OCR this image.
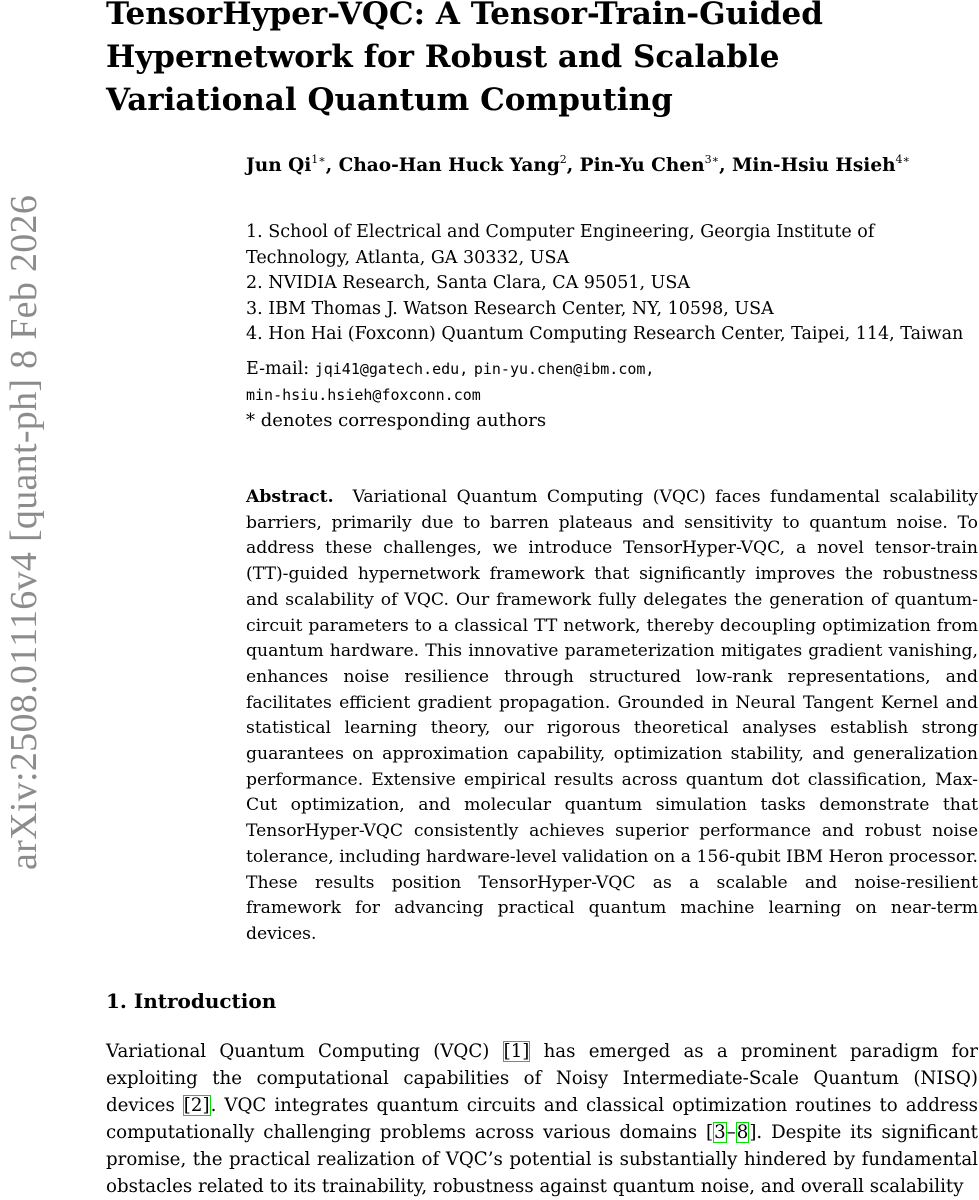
arXiv:2508.01116v4 [quant-ph] 8 Feb 2026
TensorHyper-VQC: A Tensor-Train-Guided Hypernetwork for Robust and Scalable Variational Quantum Computing
Jun $Qi^{1∗}$, Chao-Han Huck Yang$^2$, Pin-Yu Chen$^{3∗}$, Min-Hsiu Hsieh$^{4∗}$
1. School of Electrical and Computer Engineering, Georgia Institute of Technology, Atlanta, GA 30332, USA
2. NVIDIA Research, Santa Clara, CA 95051, USA
3. IBM Thomas J. Watson Research Center, NY, 10598, USA
4. Hon Hai (Foxconn) Quantum Computing Research Center, Taipei, 114, Taiwan
E-mail: jqi41@gatech.edu, pin-yu.chen@ibm.com,
min-hsiu.hsieh@foxconn.com
* denotes corresponding authors

Abstract. Variational Quantum Computing (VQC) faces fundamental scalability barriers, primarily due to barren plateaus and sensitivity to quantum noise. To address these challenges, we introduce TensorHyper-VQC, a novel tensor-train (TT)-guided hypernetwork framework that significantly improves the robustness and scalability of VQC. Our framework fully delegates the generation of quantum-circuit parameters to a classical TT network, thereby decoupling optimization from quantum hardware. This innovative parameterization mitigates gradient vanishing, enhances noise resilience through structured low-rank representations, and facilitates efficient gradient propagation. Grounded in Neural Tangent Kernel and statistical learning theory, our rigorous theoretical analyses establish strong guarantees on approximation capability, optimization stability, and generalization performance. Extensive empirical results across quantum dot classification, Max-Cut optimization, and molecular quantum simulation tasks demonstrate that TensorHyper-VQC consistently achieves superior performance and robust noise tolerance, including hardware-level validation on a 156-qubit IBM Heron processor. These results position TensorHyper-VQC as a scalable and noise-resilient framework for advancing practical quantum machine learning on near-term devices.

1. Introduction

Variational Quantum Computing (VQC) [1] has emerged as a prominent paradigm for exploiting the computational capabilities of Noisy Intermediate-Scale Quantum (NISQ) devices [2]. VQC integrates quantum circuits and classical optimization routines to address computationally challenging problems across various domains [3–8]. Despite its significant promise, the practical realization of VQC’s potential is substantially hindered by fundamental obstacles related to its trainability, robustness against quantum noise, and overall scalability
